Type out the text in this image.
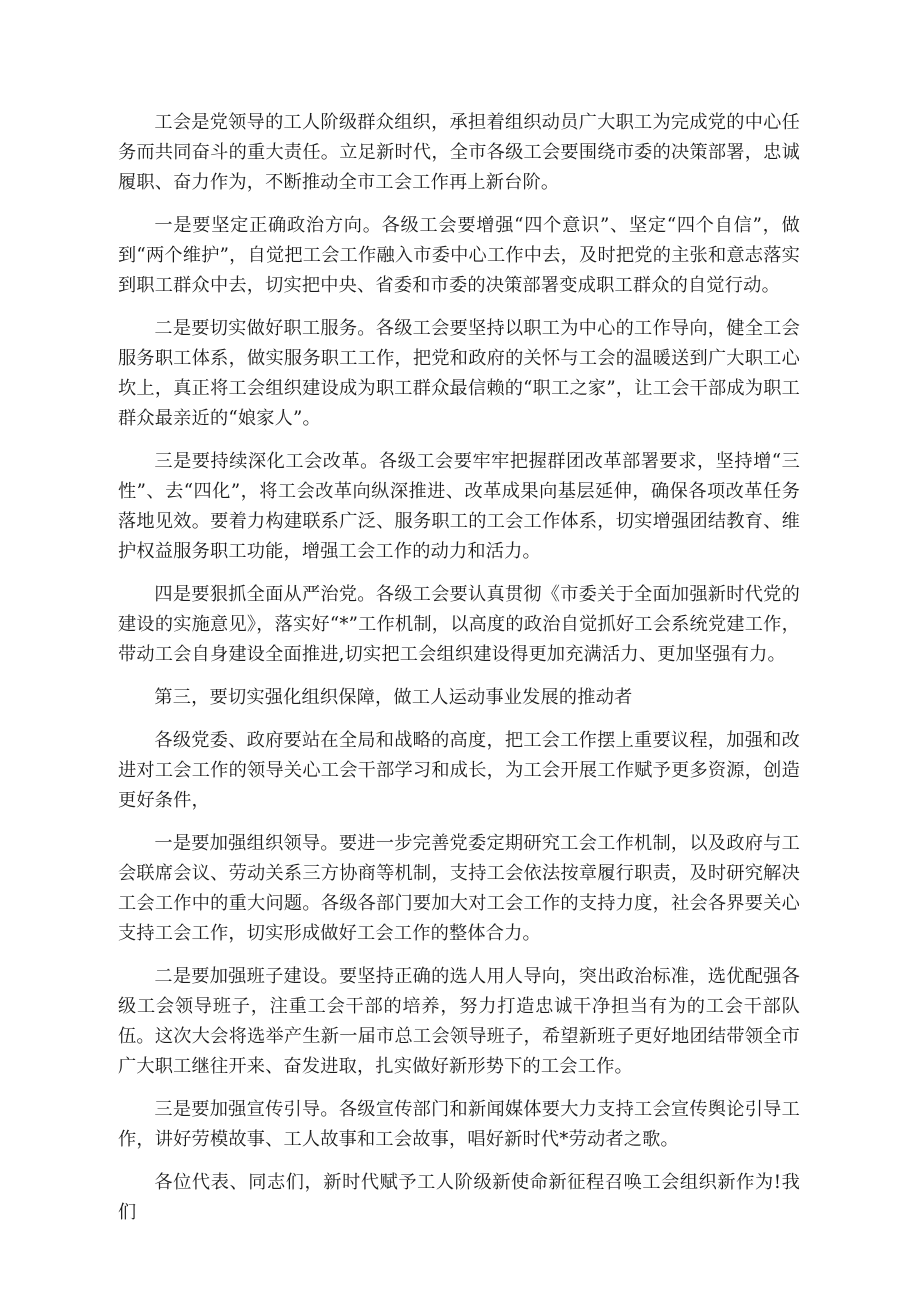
工会是党领导的工人阶级群众组织，承担着组织动员广大职工为完成党的中心任务而共同奋斗的重大责任。立足新时代，全市各级工会要围绕市委的决策部署，忠诚履职、奋力作为，不断推动全市工会工作再上新台阶。

一是要坚定正确政治方向。各级工会要增强“四个意识”、坚定“四个自信”，做到“两个维护”，自觉把工会工作融入市委中心工作中去，及时把党的主张和意志落实到职工群众中去，切实把中央、省委和市委的决策部署变成职工群众的自觉行动。

二是要切实做好职工服务。各级工会要坚持以职工为中心的工作导向，健全工会服务职工体系，做实服务职工工作，把党和政府的关怀与工会的温暖送到广大职工心坎上，真正将工会组织建设成为职工群众最信赖的“职工之家”，让工会干部成为职工群众最亲近的“娘家人”。

三是要持续深化工会改革。各级工会要牢牢把握群团改革部署要求，坚持增“三性”、去“四化”，将工会改革向纵深推进、改革成果向基层延伸，确保各项改革任务落地见效。要着力构建联系广泛、服务职工的工会工作体系，切实增强团结教育、维护权益服务职工功能，增强工会工作的动力和活力。

四是要狠抓全面从严治党。各级工会要认真贯彻《市委关于全面加强新时代党的建设的实施意见》，落实好“*”工作机制，以高度的政治自觉抓好工会系统党建工作，带动工会自身建设全面推进,切实把工会组织建设得更加充满活力、更加坚强有力。

第三，要切实强化组织保障，做工人运动事业发展的推动者

各级党委、政府要站在全局和战略的高度，把工会工作摆上重要议程，加强和改进对工会工作的领导关心工会干部学习和成长，为工会开展工作赋予更多资源，创造更好条件，

一是要加强组织领导。要进一步完善党委定期研究工会工作机制，以及政府与工会联席会议、劳动关系三方协商等机制，支持工会依法按章履行职责，及时研究解决工会工作中的重大问题。各级各部门要加大对工会工作的支持力度，社会各界要关心支持工会工作，切实形成做好工会工作的整体合力。

二是要加强班子建设。要坚持正确的选人用人导向，突出政治标准，选优配强各级工会领导班子，注重工会干部的培养，努力打造忠诚干净担当有为的工会干部队伍。这次大会将选举产生新一届市总工会领导班子，希望新班子更好地团结带领全市广大职工继往开来、奋发进取，扎实做好新形势下的工会工作。

三是要加强宣传引导。各级宣传部门和新闻媒体要大力支持工会宣传舆论引导工作，讲好劳模故事、工人故事和工会故事，唱好新时代*劳动者之歌。

各位代表、同志们，新时代赋予工人阶级新使命新征程召唤工会组织新作为!我们
